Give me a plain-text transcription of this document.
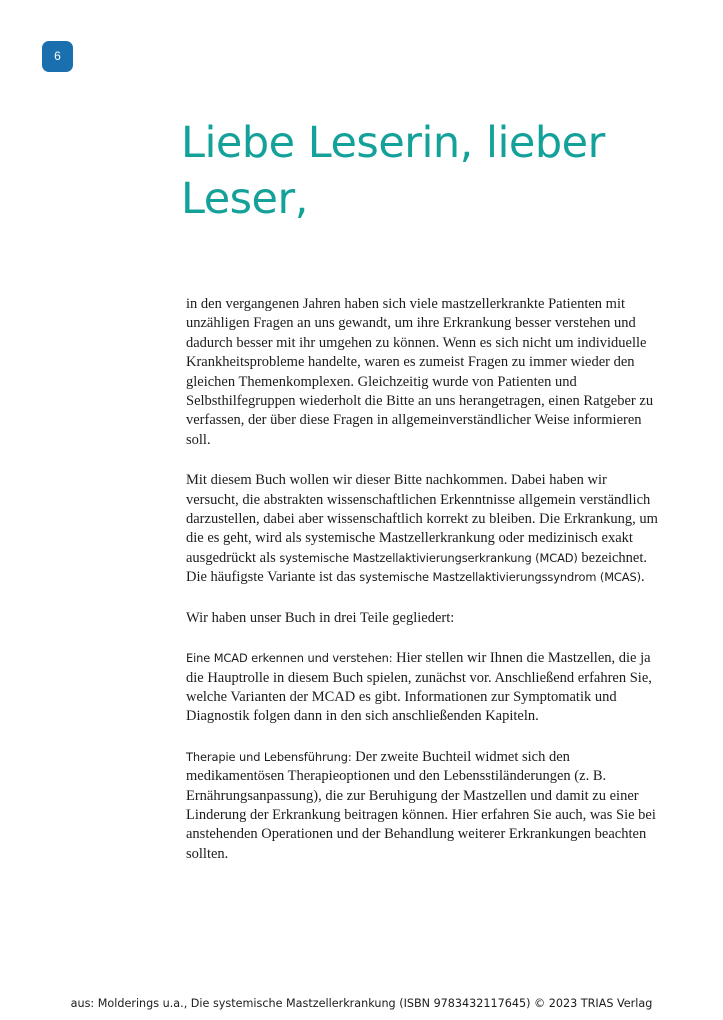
6
Liebe Leserin, lieber
Leser,

in den vergangenen Jahren haben sich viele mastzellerkrankte Patienten mit unzähligen Fragen an uns gewandt, um ihre Erkrankung besser verstehen und dadurch besser mit ihr umgehen zu können. Wenn es sich nicht um individuelle Krankheitsprobleme handelte, waren es zumeist Fragen zu immer wieder den gleichen Themenkomplexen. Gleichzeitig wurde von Patienten und Selbsthilfegruppen wiederholt die Bitte an uns herangetragen, einen Ratgeber zu verfassen, der über diese Fragen in allgemeinverständlicher Weise informieren soll.

Mit diesem Buch wollen wir dieser Bitte nachkommen. Dabei haben wir versucht, die abstrakten wissenschaftlichen Erkenntnisse allgemein verständlich darzustellen, dabei aber wissenschaftlich korrekt zu bleiben. Die Erkrankung, um die es geht, wird als systemische Mastzellerkrankung oder medizinisch exakt ausgedrückt als systemische Mastzellaktivierungserkrankung (MCAD) bezeichnet. Die häufigste Variante ist das systemische Mastzellaktivierungssyndrom (MCAS).

Wir haben unser Buch in drei Teile gegliedert:

Eine MCAD erkennen und verstehen: Hier stellen wir Ihnen die Mastzellen, die ja die Hauptrolle in diesem Buch spielen, zunächst vor. Anschließend erfahren Sie, welche Varianten der MCAD es gibt. Informationen zur Symptomatik und Diagnostik folgen dann in den sich anschließenden Kapiteln.

Therapie und Lebensführung: Der zweite Buchteil widmet sich den medikamentösen Therapieoptionen und den Lebensstiländerungen (z. B. Ernährungsanpassung), die zur Beruhigung der Mastzellen und damit zu einer Linderung der Erkrankung beitragen können. Hier erfahren Sie auch, was Sie bei anstehenden Operationen und der Behandlung weiterer Erkrankungen beachten sollten.

aus: Molderings u.a., Die systemische Mastzellerkrankung (ISBN 9783432117645) © 2023 TRIAS Verlag
